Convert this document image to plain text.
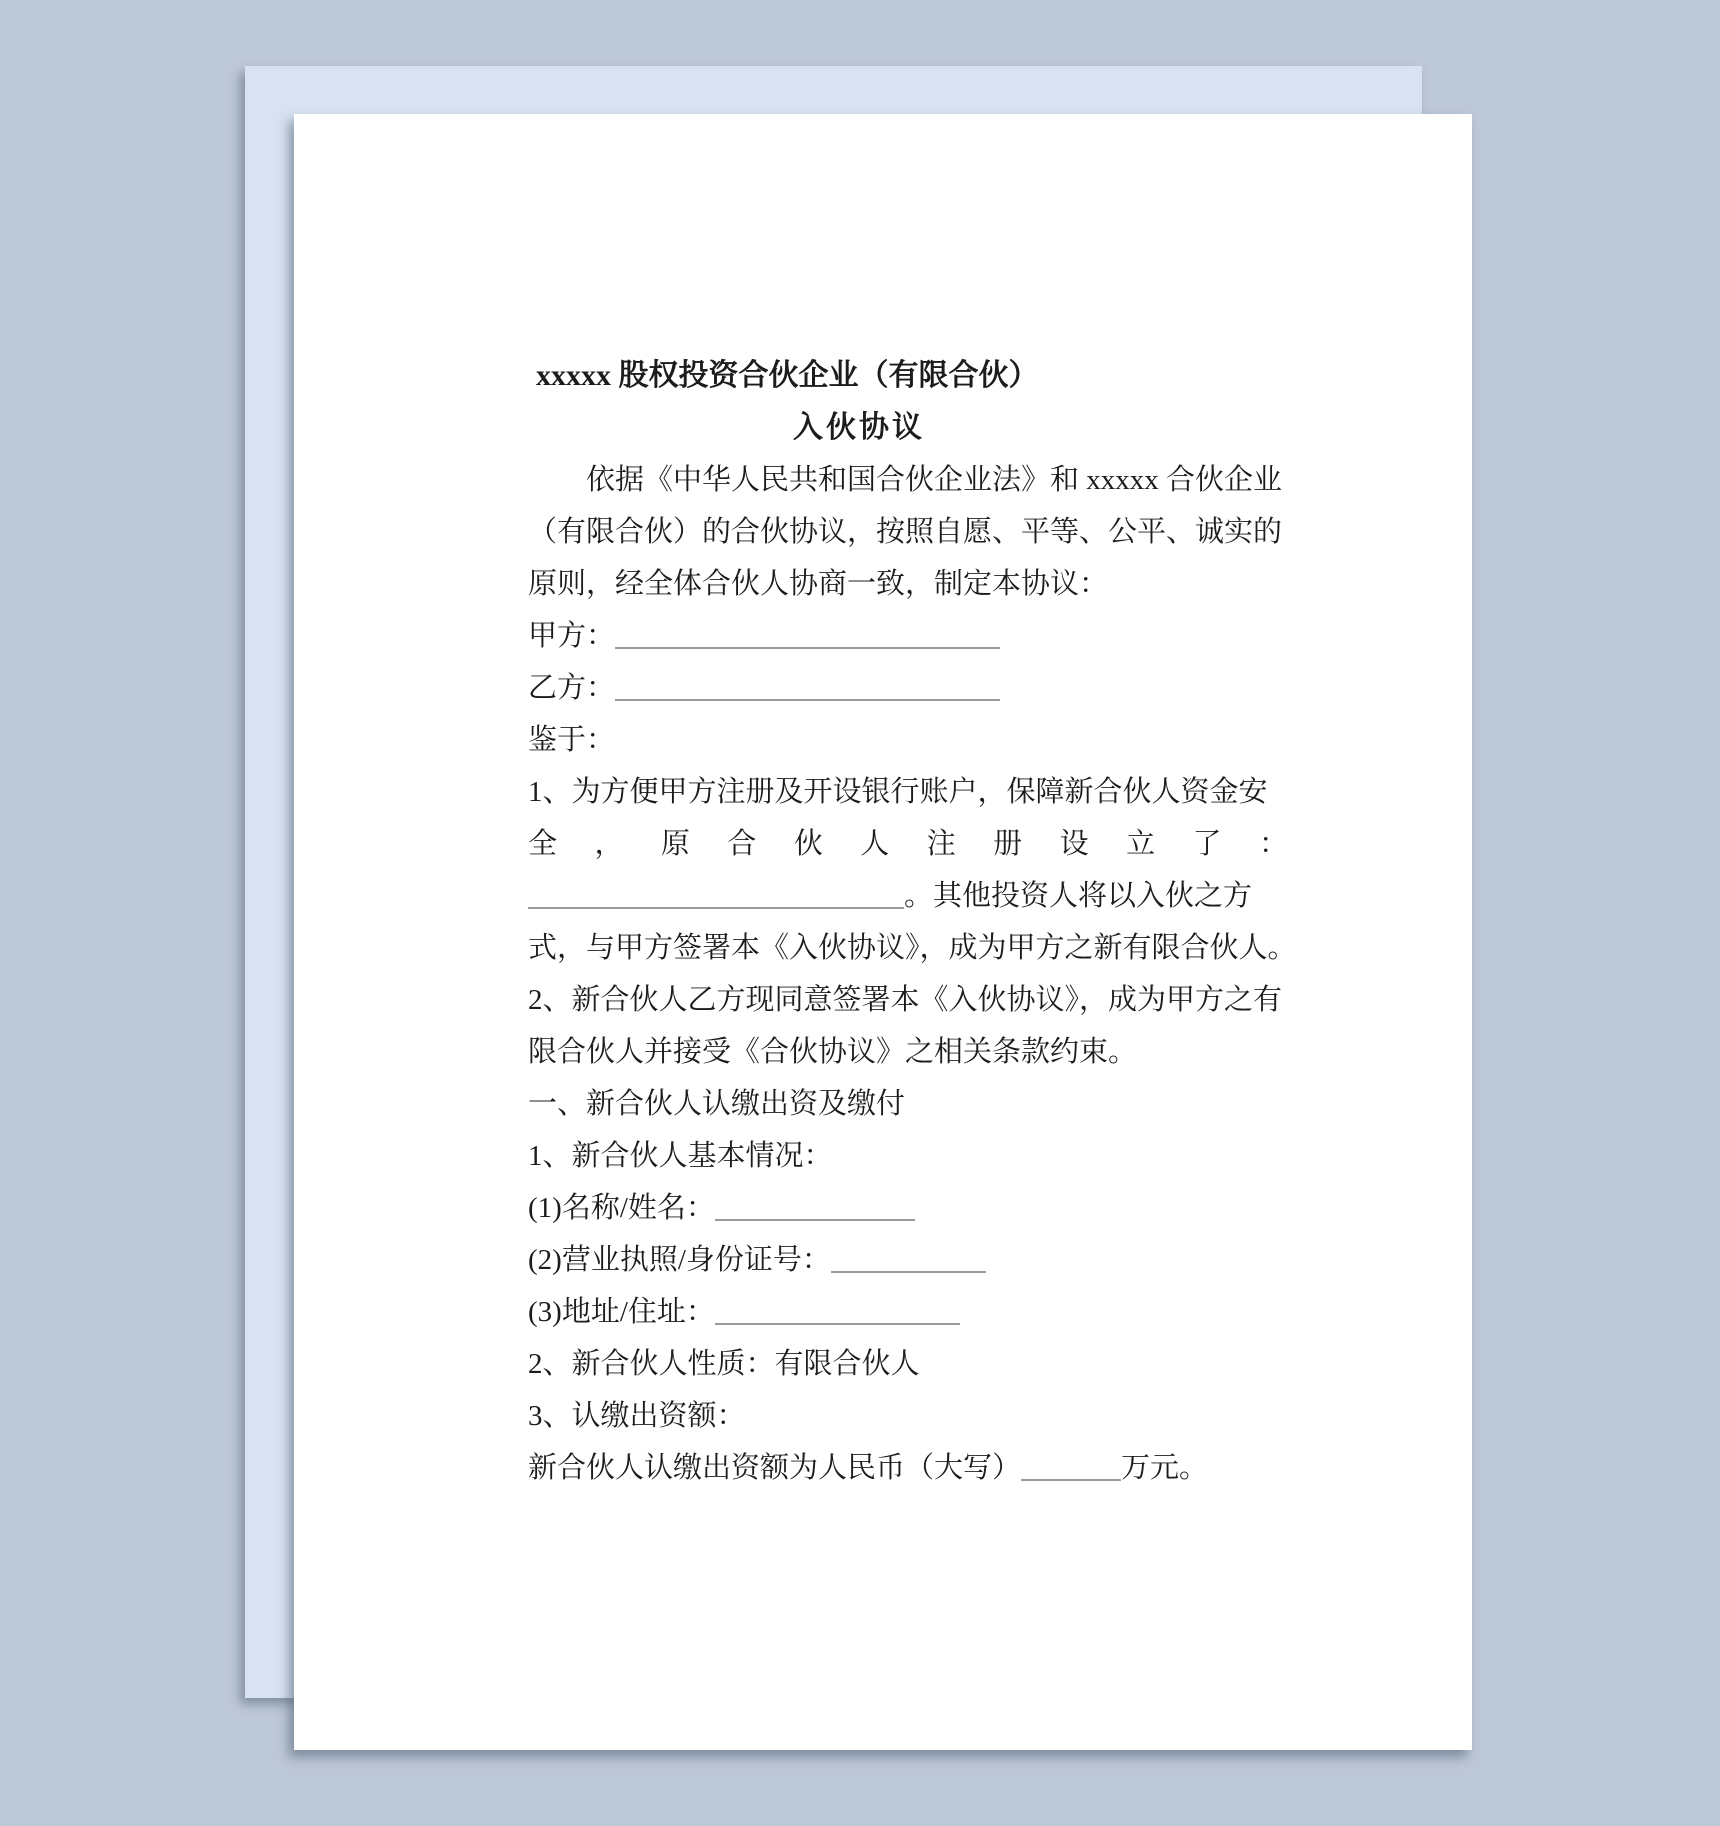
xxxxx 股权投资合伙企业（有限合伙）
入伙协议
依据《中华人民共和国合伙企业法》和 xxxxx 合伙企业
（有限合伙）的合伙协议，按照自愿、平等、公平、诚实的
原则，经全体合伙人协商一致，制定本协议：
甲方：
乙方：
鉴于：
1、为方便甲方注册及开设银行账户，保障新合伙人资金安
全，原合伙人注册设立了：
。其他投资人将以入伙之方
式，与甲方签署本《入伙协议》，成为甲方之新有限合伙人。
2、新合伙人乙方现同意签署本《入伙协议》，成为甲方之有
限合伙人并接受《合伙协议》之相关条款约束。
一、新合伙人认缴出资及缴付
1、新合伙人基本情况：
(1)名称/姓名：
(2)营业执照/身份证号：
(3)地址/住址：
2、新合伙人性质：有限合伙人
3、认缴出资额：
新合伙人认缴出资额为人民币（大写）	万元。
